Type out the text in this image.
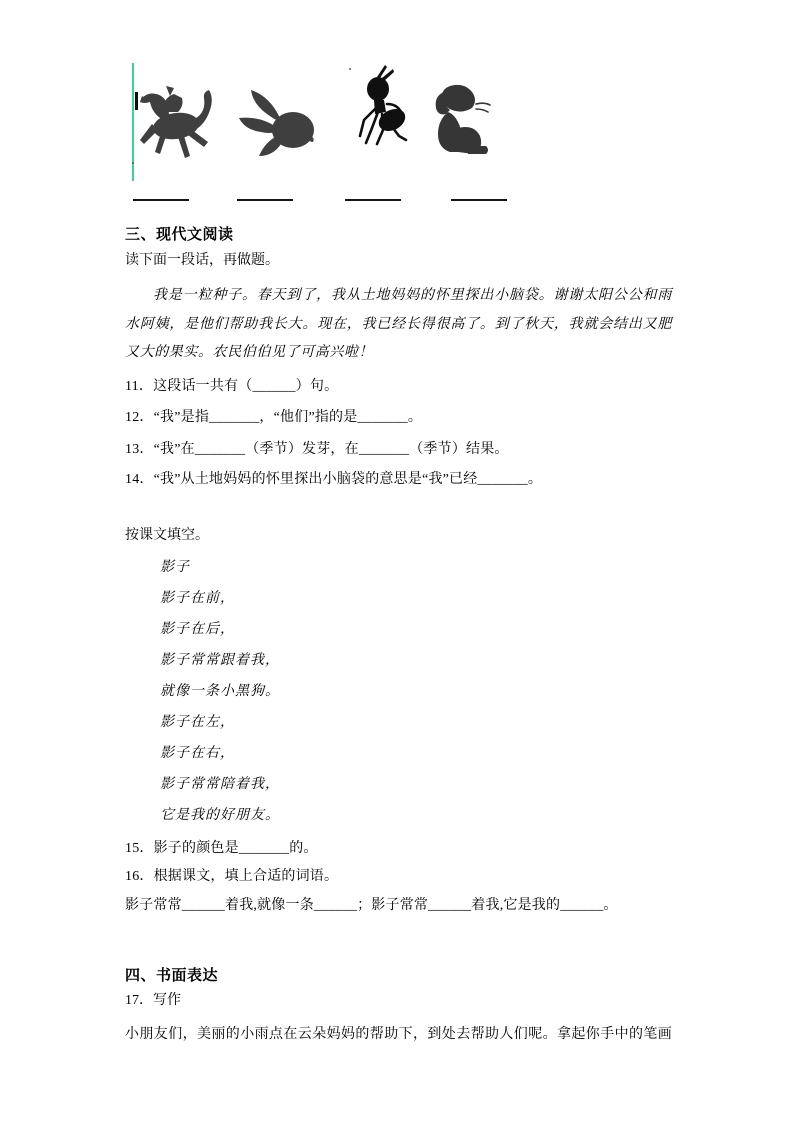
三、现代文阅读
读下面一段话，再做题。
我是一粒种子。春天到了，我从土地妈妈的怀里探出小脑袋。谢谢太阳公公和雨水阿姨，是他们帮助我长大。现在，我已经长得很高了。到了秋天，我就会结出又肥又大的果实。农民伯伯见了可高兴啦！
11．这段话一共有（______）句。
12．“我”是指_______，“他们”指的是_______。
13．“我”在_______（季节）发芽，在_______（季节）结果。
14．“我”从土地妈妈的怀里探出小脑袋的意思是“我”已经_______。
按课文填空。
影子
影子在前，
影子在后，
影子常常跟着我，
就像一条小黑狗。
影子在左，
影子在右，
影子常常陪着我，
它是我的好朋友。
15．影子的颜色是_______的。
16．根据课文，填上合适的词语。
影子常常______着我,就像一条______；影子常常______着我,它是我的______。
四、书面表达
17．写作
小朋友们，美丽的小雨点在云朵妈妈的帮助下，到处去帮助人们呢。拿起你手中的笔画
